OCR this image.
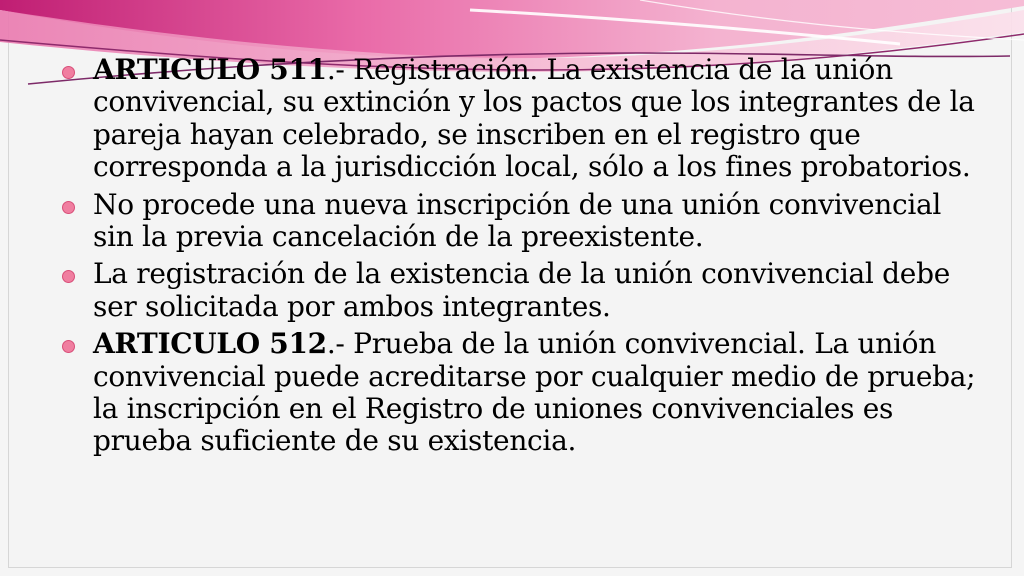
ARTICULO 511.- Registración. La existencia de la unión convivencial, su extinción y los pactos que los integrantes de la pareja hayan celebrado, se inscriben en el registro que corresponda a la jurisdicción local, sólo a los fines probatorios.
No procede una nueva inscripción de una unión convivencial sin la previa cancelación de la preexistente.
La registración de la existencia de la unión convivencial debe ser solicitada por ambos integrantes.
ARTICULO 512.- Prueba de la unión convivencial. La unión convivencial puede acreditarse por cualquier medio de prueba; la inscripción en el Registro de uniones convivenciales es prueba suficiente de su existencia.
